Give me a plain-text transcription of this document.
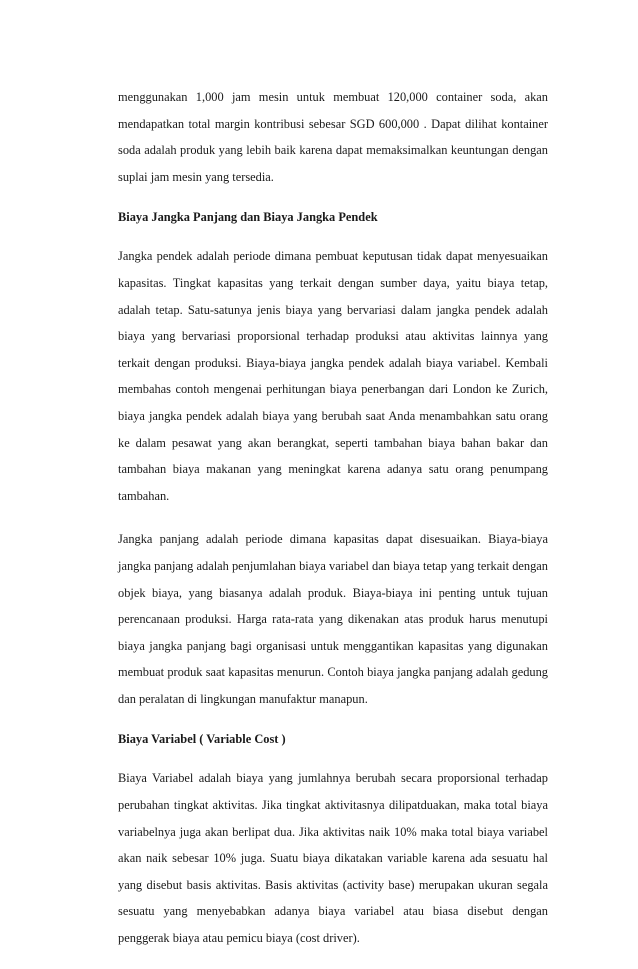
menggunakan 1,000 jam mesin untuk membuat 120,000 container soda, akan mendapatkan total margin kontribusi sebesar SGD 600,000 . Dapat dilihat kontainer soda adalah produk yang lebih baik karena dapat memaksimalkan keuntungan dengan suplai jam mesin yang tersedia.

Biaya Jangka Panjang dan Biaya Jangka Pendek

Jangka pendek adalah periode dimana pembuat keputusan tidak dapat menyesuaikan kapasitas. Tingkat kapasitas yang terkait dengan sumber daya, yaitu biaya tetap, adalah tetap. Satu-satunya jenis biaya yang bervariasi dalam jangka pendek adalah biaya yang bervariasi proporsional terhadap produksi atau aktivitas lainnya yang terkait dengan produksi. Biaya-biaya jangka pendek adalah biaya variabel. Kembali membahas contoh mengenai perhitungan biaya penerbangan dari London ke Zurich, biaya jangka pendek adalah biaya yang berubah saat Anda menambahkan satu orang ke dalam pesawat yang akan berangkat, seperti tambahan biaya bahan bakar dan tambahan biaya makanan yang meningkat karena adanya satu orang penumpang tambahan.

Jangka panjang adalah periode dimana kapasitas dapat disesuaikan. Biaya-biaya jangka panjang adalah penjumlahan biaya variabel dan biaya tetap yang terkait dengan objek biaya, yang biasanya adalah produk. Biaya-biaya ini penting untuk tujuan perencanaan produksi. Harga rata-rata yang dikenakan atas produk harus menutupi biaya jangka panjang bagi organisasi untuk menggantikan kapasitas yang digunakan membuat produk saat kapasitas menurun. Contoh biaya jangka panjang adalah gedung dan peralatan di lingkungan manufaktur manapun.

Biaya Variabel ( Variable Cost )

Biaya Variabel adalah biaya yang jumlahnya berubah secara proporsional terhadap perubahan tingkat aktivitas. Jika tingkat aktivitasnya dilipatduakan, maka total biaya variabelnya juga akan berlipat dua. Jika aktivitas naik 10% maka total biaya variabel akan naik sebesar 10% juga. Suatu biaya dikatakan variable karena ada sesuatu hal yang disebut basis aktivitas. Basis aktivitas (activity base) merupakan ukuran segala sesuatu yang menyebabkan adanya biaya variabel atau biasa disebut dengan penggerak biaya atau pemicu biaya (cost driver).
